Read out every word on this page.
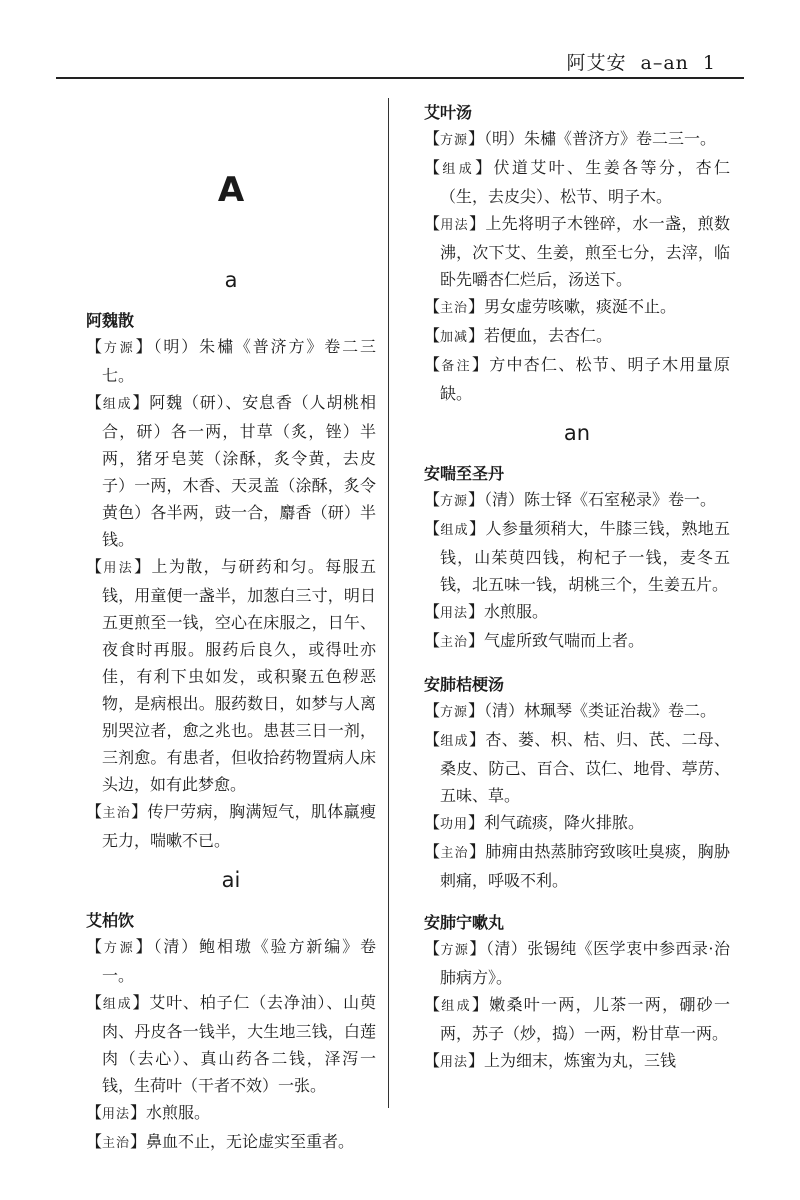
阿艾安 a–an 1
A
a
阿魏散

【方源】（明）朱橚《普济方》卷二三七。

【组成】阿魏（研）、安息香（人胡桃相合，研）各一两，甘草（炙，锉）半两，猪牙皂荚（涂酥，炙令黄，去皮子）一两，木香、天灵盖（涂酥，炙令黄色）各半两，豉一合，麝香（研）半钱。

【用法】上为散，与研药和匀。每服五钱，用童便一盏半，加葱白三寸，明日五更煎至一钱，空心在床服之，日午、夜食时再服。服药后良久，或得吐亦佳，有利下虫如发，或积聚五色秽恶物，是病根出。服药数日，如梦与人离别哭泣者，愈之兆也。患甚三日一剂，三剂愈。有患者，但收拾药物置病人床头边，如有此梦愈。

【主治】传尸劳病，胸满短气，肌体羸瘦无力，喘嗽不已。

ai
艾柏饮

【方源】（清）鲍相璈《验方新编》卷一。

【组成】艾叶、柏子仁（去净油）、山萸肉、丹皮各一钱半，大生地三钱，白莲肉（去心）、真山药各二钱，泽泻一钱，生荷叶（干者不效）一张。

【用法】水煎服。

【主治】鼻血不止，无论虚实至重者。

艾叶汤

【方源】（明）朱橚《普济方》卷二三一。

【组成】伏道艾叶、生姜各等分，杏仁（生，去皮尖）、松节、明子木。

【用法】上先将明子木锉碎，水一盏，煎数沸，次下艾、生姜，煎至七分，去滓，临卧先嚼杏仁烂后，汤送下。

【主治】男女虚劳咳嗽，痰涎不止。

【加减】若便血，去杏仁。

【备注】方中杏仁、松节、明子木用量原缺。

an
安喘至圣丹

【方源】（清）陈士铎《石室秘录》卷一。

【组成】人参量须稍大，牛膝三钱，熟地五钱，山茱萸四钱，枸杞子一钱，麦冬五钱，北五味一钱，胡桃三个，生姜五片。

【用法】水煎服。

【主治】气虚所致气喘而上者。

安肺桔梗汤

【方源】（清）林珮琴《类证治裁》卷二。

【组成】杏、蒌、枳、桔、归、芪、二母、桑皮、防己、百合、苡仁、地骨、葶苈、五味、草。

【功用】利气疏痰，降火排脓。

【主治】肺痈由热蒸肺窍致咳吐臭痰，胸胁刺痛，呼吸不利。

安肺宁嗽丸

【方源】（清）张锡纯《医学衷中参西录·治肺病方》。

【组成】嫩桑叶一两，儿茶一两，硼砂一两，苏子（炒，捣）一两，粉甘草一两。

【用法】上为细末，炼蜜为丸，三钱
